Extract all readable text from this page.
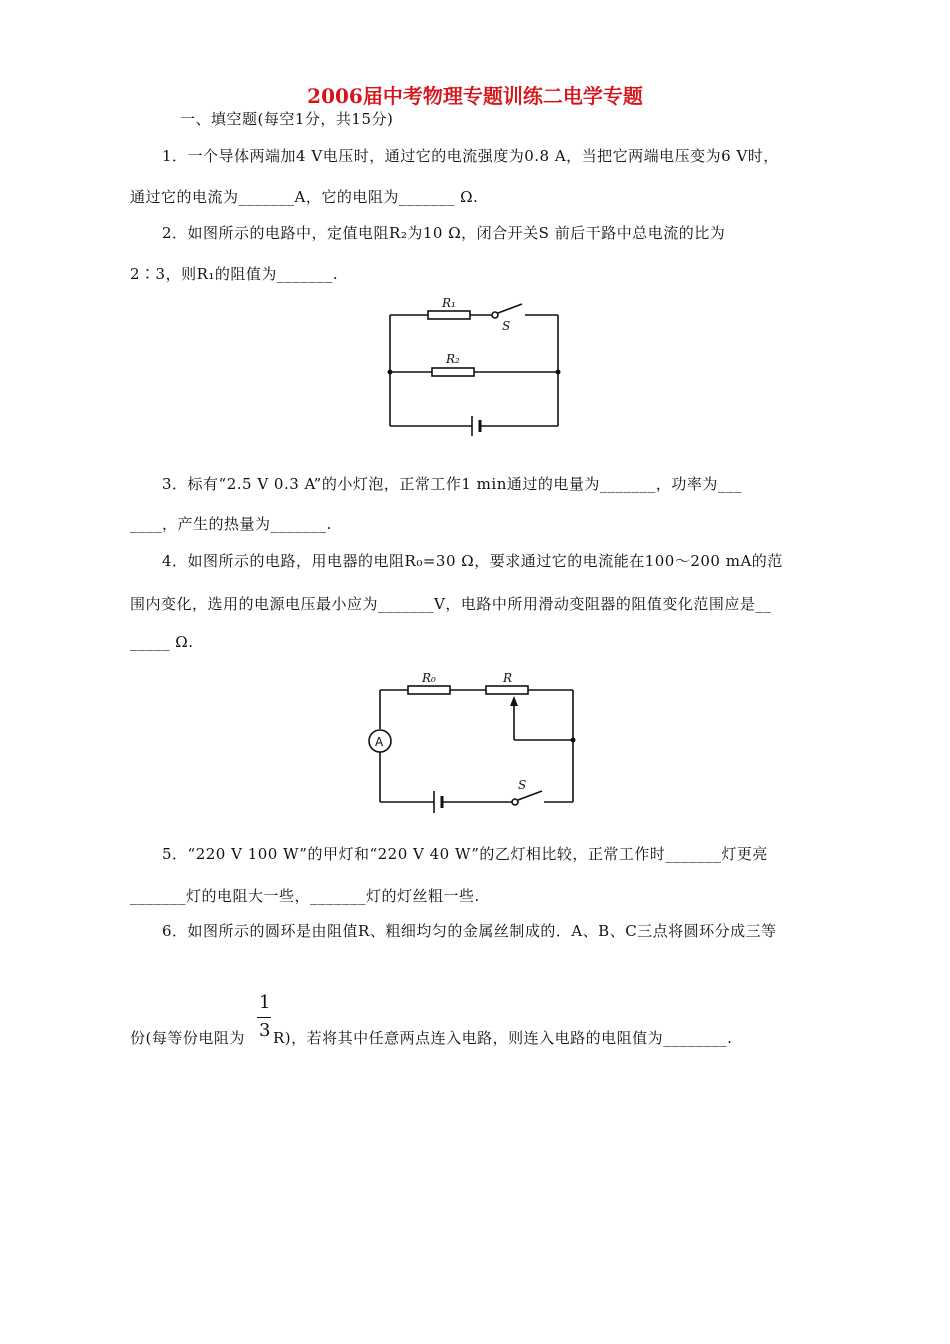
2006届中考物理专题训练二电学专题
一、填空题(每空1分，共15分)
1．一个导体两端加4 V电压时，通过它的电流强度为0.8 A，当把它两端电压变为6 V时，
通过它的电流为_______A，它的电阻为_______ Ω.
2．如图所示的电路中，定值电阻R₂为10 Ω，闭合开关S 前后干路中总电流的比为
2∶3，则R₁的阻值为_______.
R₁
S
R₂
3．标有“2.5 V 0.3 A”的小灯泡，正常工作1 min通过的电量为_______，功率为___
____，产生的热量为_______.
4．如图所示的电路，用电器的电阻R₀=30 Ω，要求通过它的电流能在100～200 mA的范
围内变化，选用的电源电压最小应为_______V，电路中所用滑动变阻器的阻值变化范围应是__
_____ Ω.
A
R₀	R
S
5．“220 V 100 W”的甲灯和“220 V 40 W”的乙灯相比较，正常工作时_______灯更亮
_______灯的电阻大一些，_______灯的灯丝粗一些.
6．如图所示的圆环是由阻值R、粗细均匀的金属丝制成的．A、B、C三点将圆环分成三等
份(每等份电阻为
1
3 R)，若将其中任意两点连入电路，则连入电路的电阻值为________.
